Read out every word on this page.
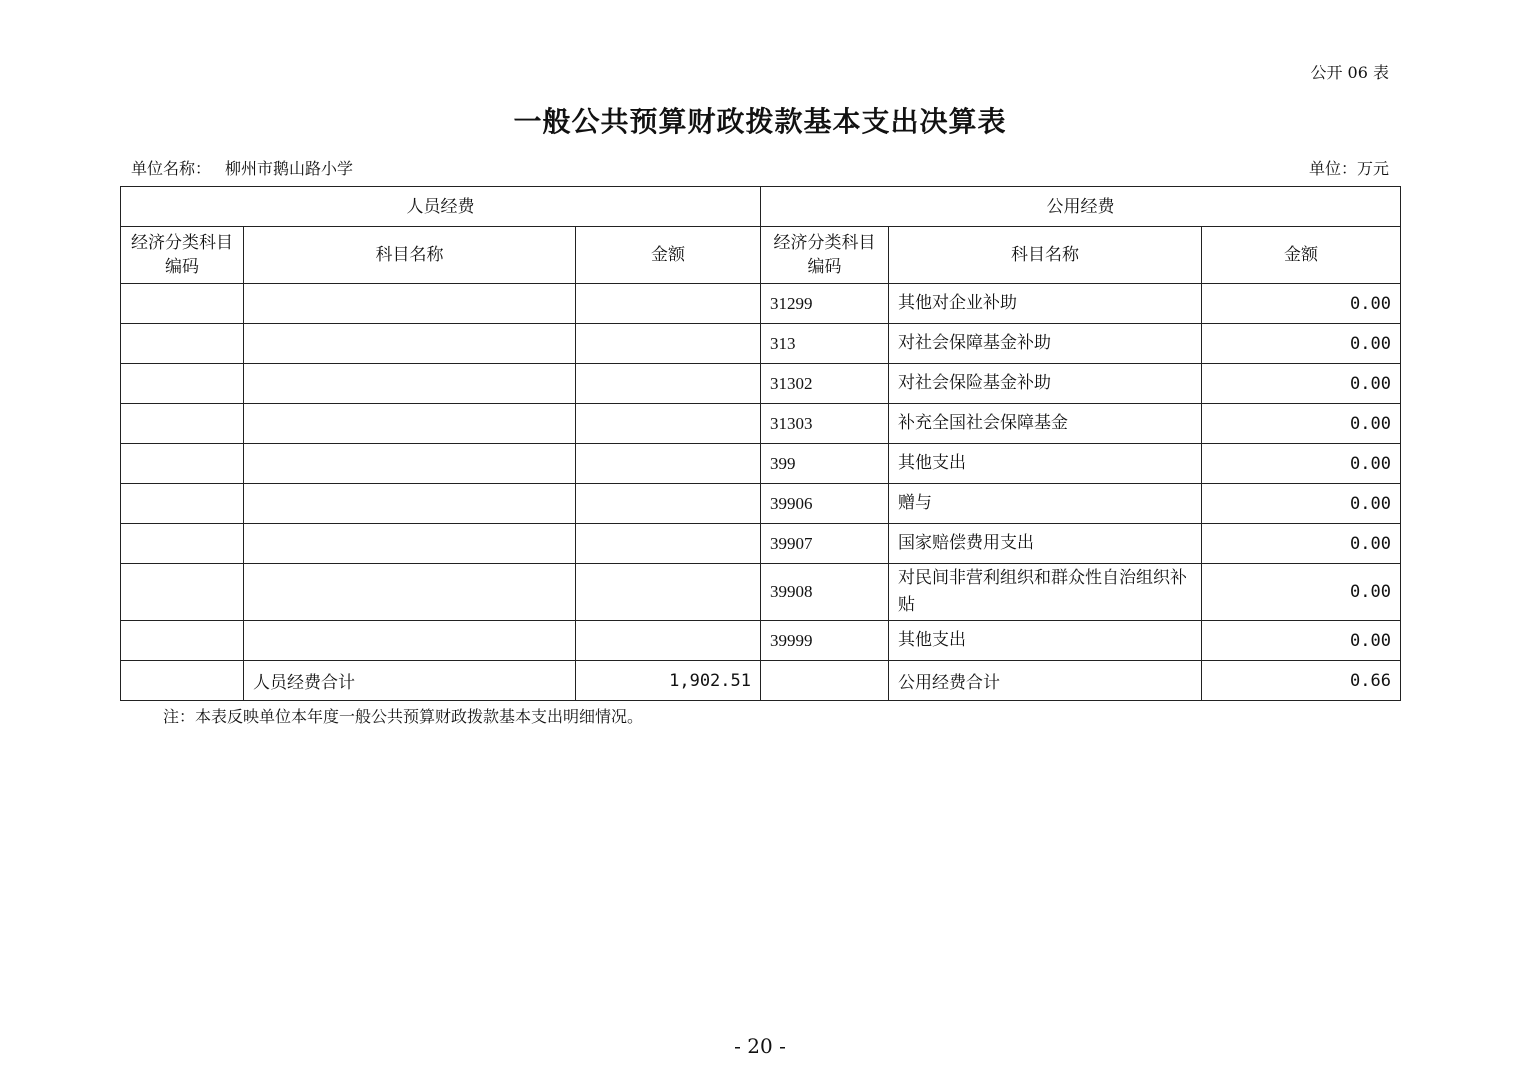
公开 06 表
一般公共预算财政拨款基本支出决算表
单位名称： 柳州市鹅山路小学	单位：万元
人员经费			公用经费		
经济分类科目编码	科目名称	金额	经济分类科目编码	科目名称	金额
			31299	其他对企业补助	0.00
			313	对社会保障基金补助	0.00
			31302	对社会保险基金补助	0.00
			31303	补充全国社会保障基金	0.00
			399	其他支出	0.00
			39906	赠与	0.00
			39907	国家赔偿费用支出	0.00
			39908	对民间非营利组织和群众性自治组织补贴	0.00
			39999	其他支出	0.00
	人员经费合计	1,902.51		公用经费合计	0.66
注：本表反映单位本年度一般公共预算财政拨款基本支出明细情况。
- 20 -
